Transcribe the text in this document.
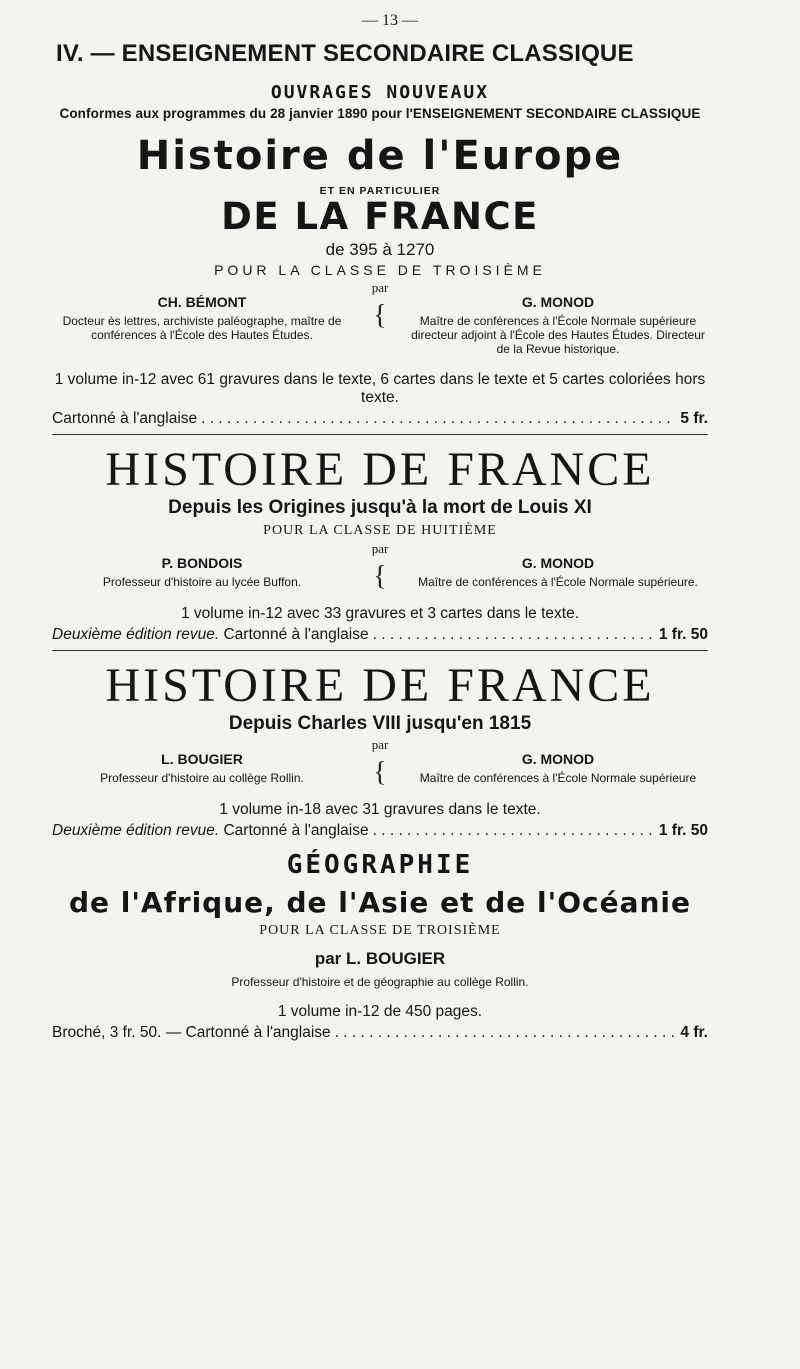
— 13 —
IV. — ENSEIGNEMENT SECONDAIRE CLASSIQUE
OUVRAGES NOUVEAUX
Conformes aux programmes du 28 janvier 1890 pour l'ENSEIGNEMENT SECONDAIRE CLASSIQUE
Histoire de l'Europe
ET EN PARTICULIER
DE LA FRANCE
de 395 à 1270
POUR LA CLASSE DE TROISIÈME
par
CH. BÉMONT
Docteur ès lettres, archiviste paléographe, maître de conférences à l'École des Hautes Études.
{	G. MONOD
Maître de conférences à l'École Normale supérieure directeur adjoint à l'École des Hautes Études. Directeur de la Revue historique.
1 volume in-12 avec 61 gravures dans le texte, 6 cartes dans le texte et 5 cartes coloriées hors texte.
Cartonné à l'anglaise . . .	5 fr.
HISTOIRE DE FRANCE
Depuis les Origines jusqu'à la mort de Louis XI
POUR LA CLASSE DE HUITIÈME
par
P. BONDOIS
Professeur d'histoire au lycée Buffon.	{	G. MONOD
Maître de conférences à l'École Normale supérieure.
1 volume in-12 avec 33 gravures et 3 cartes dans le texte.
Deuxième édition revue. Cartonné à l'anglaise . . .	1 fr. 50
HISTOIRE DE FRANCE
Depuis Charles VIII jusqu'en 1815
par
L. BOUGIER
Professeur d'histoire au collège Rollin.	{	G. MONOD
Maître de conférences à l'École Normale supérieure
1 volume in-18 avec 31 gravures dans le texte.
Deuxième édition revue. Cartonné à l'anglaise . . .	1 fr. 50
GÉOGRAPHIE
de l'Afrique, de l'Asie et de l'Océanie
POUR LA CLASSE DE TROISIÈME
par L. BOUGIER
Professeur d'histoire et de géographie au collège Rollin.
1 volume in-12 de 450 pages.
Broché, 3 fr. 50. — Cartonné à l'anglaise . . .	4 fr.
